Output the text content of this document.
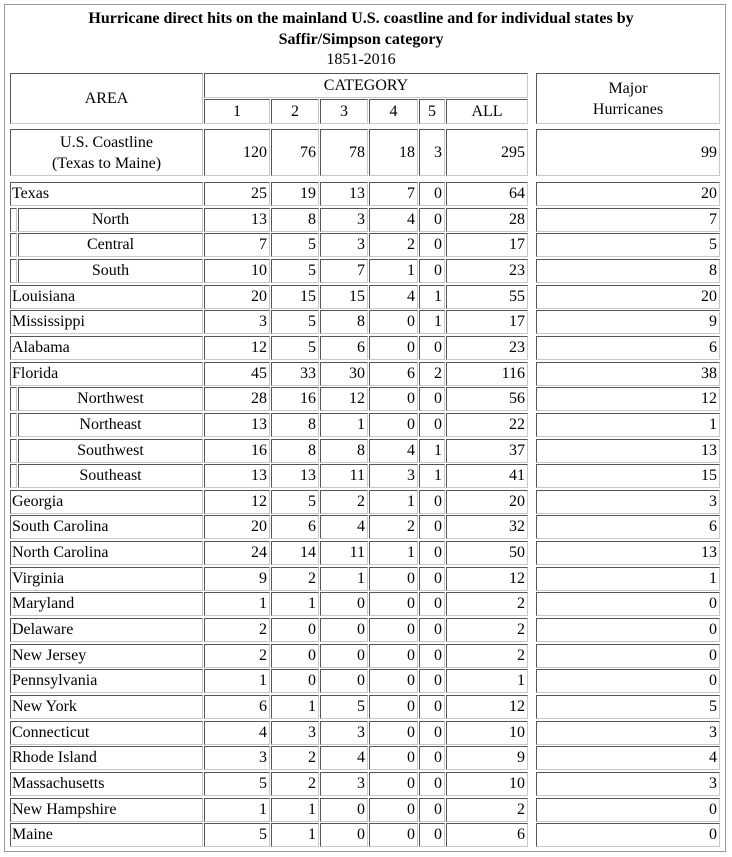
Hurricane direct hits on the mainland U.S. coastline and for individual states by
Saffir/Simpson category
1851-2016
AREA
CATEGORY
1	2	3	4 5 ALL
Major
Hurricanes
U.S. Coastline
(Texas to Maine)
120	76	78	18	3	295	99
Texas	25	19	13	7	0	64	20
North	13	8	3	4	0	28	7
Central	7	5	3	2	0	17	5
South	10	5	7	1	0	23	8
Louisiana	20	15	15	4	1	55	20
Mississippi	3	5	8	0	1	17	9
Alabama	12	5	6	0	0	23	6
Florida	45	33	30	6	2	116	38
Northwest	28	16	12	0	0	56	12
Northeast	13	8	1	0	0	22	1
Southwest	16	8	8	4	1	37	13
Southeast	13	13	11	3	1	41	15
Georgia	12	5	2	1	0	20	3
South Carolina	20	6	4	2	0	32	6
North Carolina	24	14	11	1	0	50	13
Virginia	9	2	1	0	0	12	1
Maryland	1	1	0	0	0	2	0
Delaware	2	0	0	0	0	2	0
New Jersey	2	0	0	0	0	2	0
Pennsylvania	1	0	0	0	0	1	0
New York	6	1	5	0	0	12	5
Connecticut	4	3	3	0	0	10	3
Rhode Island	3	2	4	0	0	9	4
Massachusetts	5	2	3	0	0	10	3
New Hampshire	1	1	0	0	0	2	0
Maine	5	1	0	0	0	6	0
